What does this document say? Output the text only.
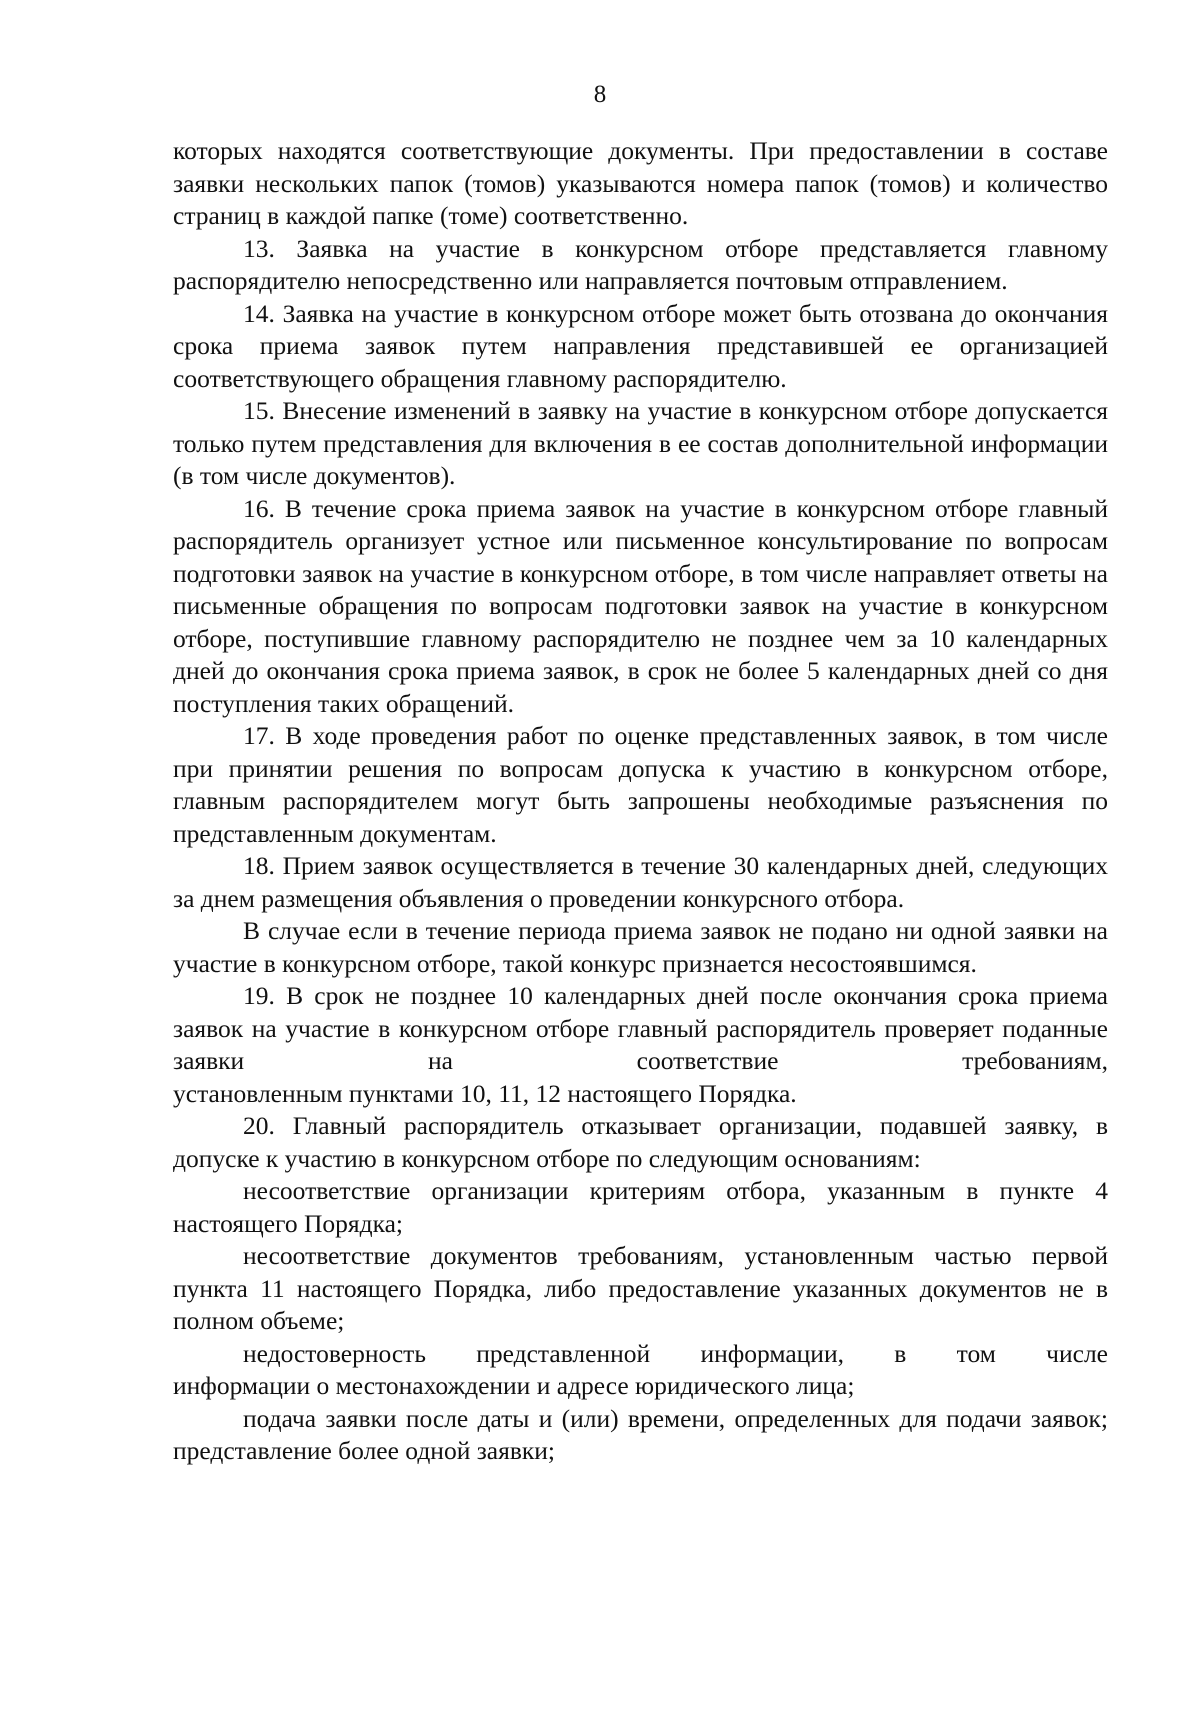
8

которых находятся соответствующие документы. При предоставлении в составе заявки нескольких папок (томов) указываются номера папок (томов) и количество страниц в каждой папке (томе) соответственно.

13. Заявка на участие в конкурсном отборе представляется главному распорядителю непосредственно или направляется почтовым отправлением.

14. Заявка на участие в конкурсном отборе может быть отозвана до окончания срока приема заявок путем направления представившей ее организацией соответствующего обращения главному распорядителю.

15. Внесение изменений в заявку на участие в конкурсном отборе допускается только путем представления для включения в ее состав дополнительной информации (в том числе документов).

16. В течение срока приема заявок на участие в конкурсном отборе главный распорядитель организует устное или письменное консультирование по вопросам подготовки заявок на участие в конкурсном отборе, в том числе направляет ответы на письменные обращения по вопросам подготовки заявок на участие в конкурсном отборе, поступившие главному распорядителю не позднее чем за 10 календарных дней до окончания срока приема заявок, в срок не более 5 календарных дней со дня поступления таких обращений.

17. В ходе проведения работ по оценке представленных заявок, в том числе при принятии решения по вопросам допуска к участию в конкурсном отборе, главным распорядителем могут быть запрошены необходимые разъяснения по представленным документам.

18. Прием заявок осуществляется в течение 30 календарных дней, следующих за днем размещения объявления о проведении конкурсного отбора.

В случае если в течение периода приема заявок не подано ни одной заявки на участие в конкурсном отборе, такой конкурс признается несостоявшимся.

19. В срок не позднее 10 календарных дней после окончания срока приема заявок на участие в конкурсном отборе главный распорядитель проверяет поданные заявки на соответствие требованиям,

установленным пунктами 10, 11, 12 настоящего Порядка.

20. Главный распорядитель отказывает организации, подавшей заявку, в допуске к участию в конкурсном отборе по следующим основаниям:

несоответствие организации критериям отбора, указанным в пункте 4 настоящего Порядка;

несоответствие документов требованиям, установленным частью первой пункта 11 настоящего Порядка, либо предоставление указанных документов не в полном объеме;

недостоверность представленной информации, в том числе

информации о местонахождении и адресе юридического лица;

подача заявки после даты и (или) времени, определенных для подачи заявок; представление более одной заявки;
